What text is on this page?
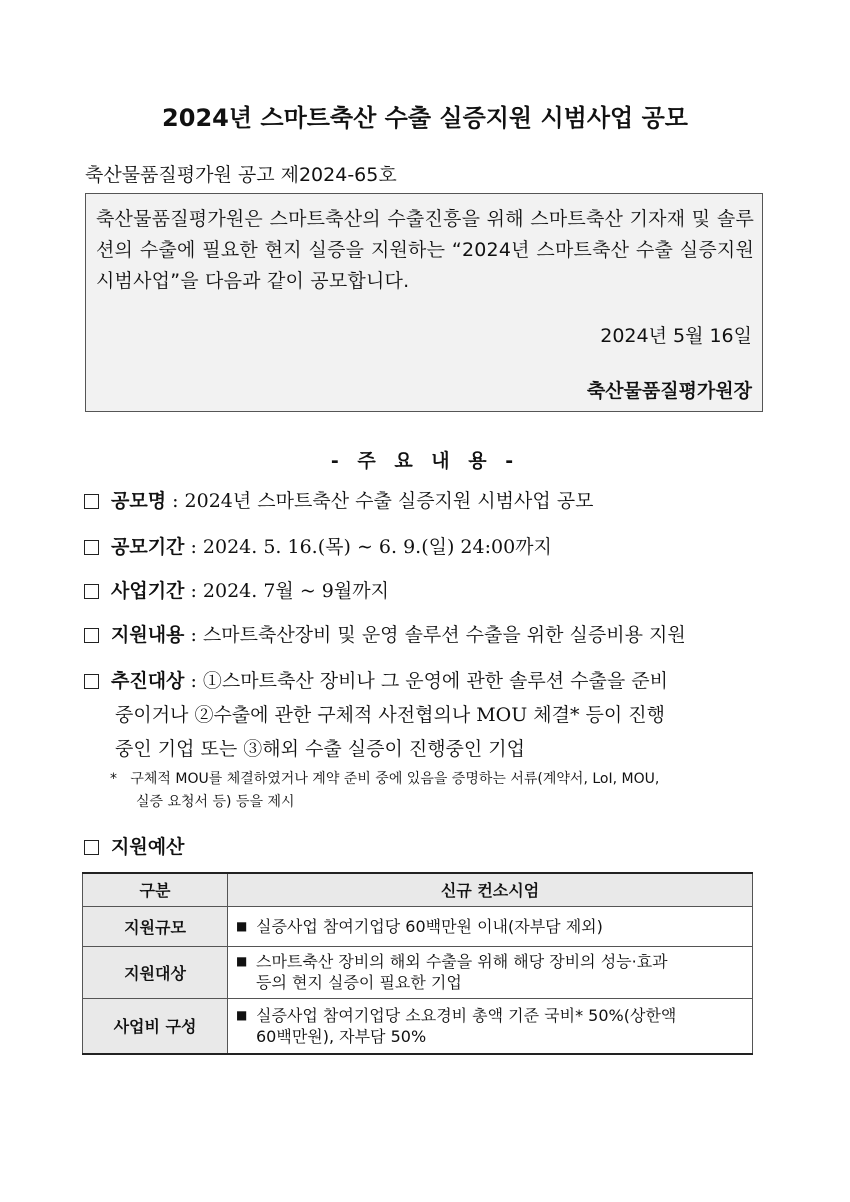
2024년 스마트축산 수출 실증지원 시범사업 공모
축산물품질평가원 공고 제2024-65호
축산물품질평가원은 스마트축산의 수출진흥을 위해 스마트축산 기자재 및 솔루션의 수출에 필요한 현지 실증을 지원하는 “2024년 스마트축산 수출 실증지원 시범사업”을 다음과 같이 공모합니다.
2024년 5월 16일
축산물품질평가원장
- 주 요 내 용 -
공모명 : 2024년 스마트축산 수출 실증지원 시범사업 공모
공모기간 : 2024. 5. 16.(목) ∼ 6. 9.(일) 24:00까지
사업기간 : 2024. 7월 ~ 9월까지
지원내용 : 스마트축산장비 및 운영 솔루션 수출을 위한 실증비용 지원
추진대상 : ①스마트축산 장비나 그 운영에 관한 솔루션 수출을 준비
중이거나 ②수출에 관한 구체적 사전협의나 MOU 체결* 등이 진행
중인 기업 또는 ③해외 수출 실증이 진행중인 기업
* 구체적 MOU를 체결하였거나 계약 준비 중에 있음을 증명하는 서류(계약서, LoI, MOU,
실증 요청서 등) 등을 제시
지원예산
구분	신규 컨소시엄
지원규모	■ 실증사업 참여기업당 60백만원 이내(자부담 제외)

지원대상	■ 스마트축산 장비의 해외 수출을 위해 해당 장비의 성능·효과
등의 현지 실증이 필요한 기업

사업비 구성	■ 실증사업 참여기업당 소요경비 총액 기준 국비* 50%(상한액
60백만원), 자부담 50%
